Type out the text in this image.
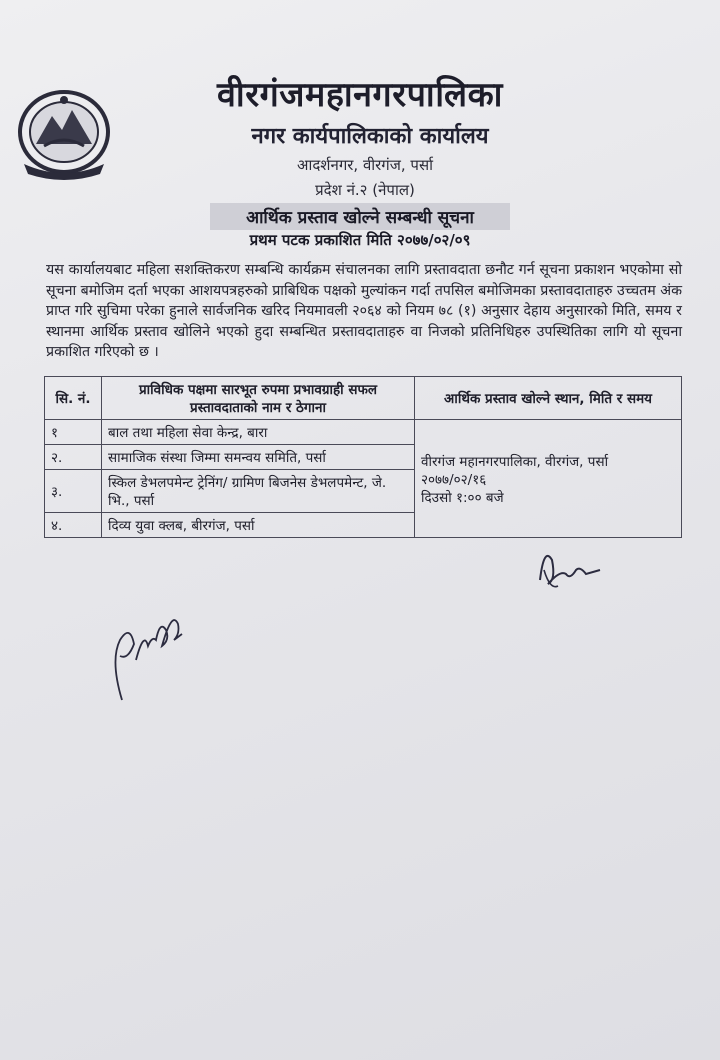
वीरगंजमहानगरपालिका
नगर कार्यपालिकाको कार्यालय
आदर्शनगर, वीरगंज, पर्सा
प्रदेश नं.२ (नेपाल)
आर्थिक प्रस्ताव खोल्ने सम्बन्धी सूचना
प्रथम पटक प्रकाशित मिति २०७७/०२/०९
यस कार्यालयबाट महिला सशक्तिकरण सम्बन्धि कार्यक्रम संचालनका लागि प्रस्तावदाता छनौट गर्न सूचना प्रकाशन भएकोमा सो सूचना बमोजिम दर्ता भएका आशयपत्रहरुको प्राबिधिक पक्षको मुल्यांकन गर्दा तपसिल बमोजिमका प्रस्तावदाताहरु उच्चतम अंक प्राप्त गरि सुचिमा परेका हुनाले सार्वजनिक खरिद नियमावली २०६४ को नियम ७८ (१) अनुसार देहाय अनुसारको मिति, समय र स्थानमा आर्थिक प्रस्ताव खोलिने भएको हुदा सम्बन्धित प्रस्तावदाताहरु वा निजको प्रतिनिधिहरु उपस्थितिका लागि यो सूचना प्रकाशित गरिएको छ ।
सि. नं.	प्राविधिक पक्षमा सारभूत रुपमा प्रभावग्राही सफल प्रस्तावदाताको नाम र ठेगाना	आर्थिक प्रस्ताव खोल्ने स्थान, मिति र समय
१	बाल तथा महिला सेवा केन्द्र, बारा	वीरगंज महानगरपालिका, वीरगंज, पर्सा
२०७७/०२/१६
दिउसो १:०० बजे

२.	सामाजिक संस्था जिम्मा समन्वय समिति, पर्सा	
३.	स्किल डेभलपमेन्ट ट्रेनिंग/ ग्रामिण बिजनेस डेभलपमेन्ट, जे. भि., पर्सा	
४.	दिव्य युवा क्लब, बीरगंज, पर्सा	
